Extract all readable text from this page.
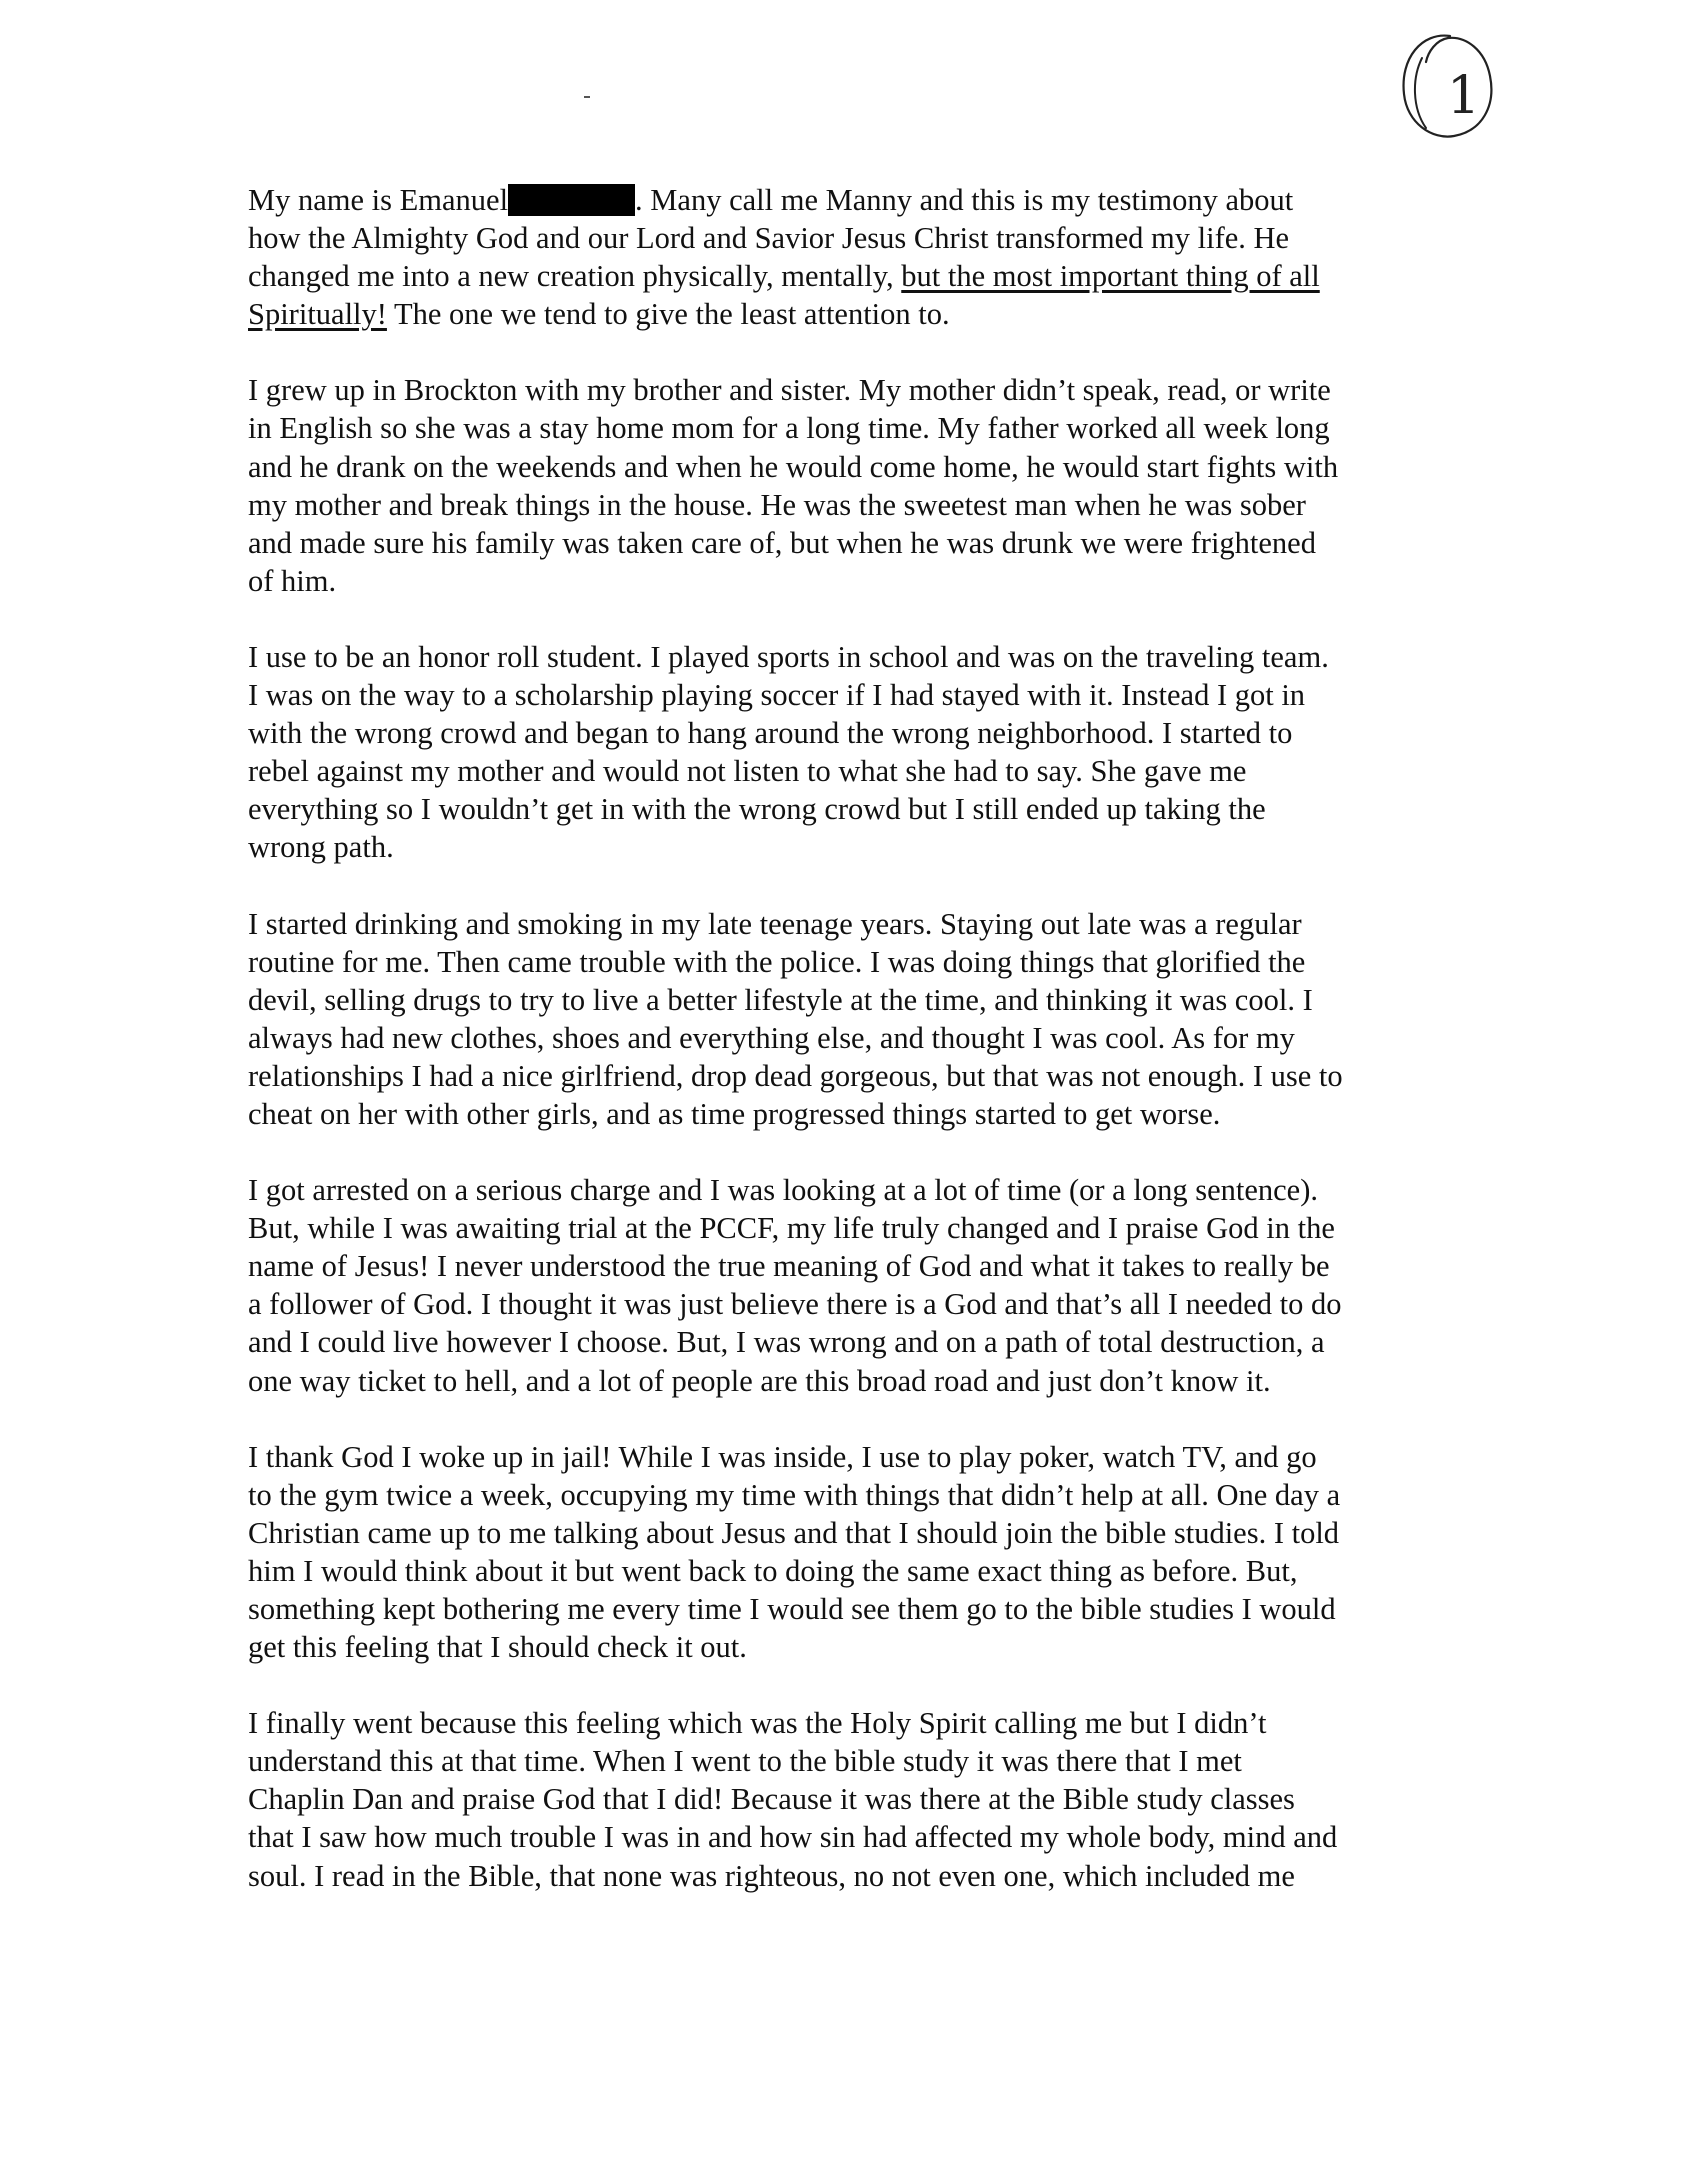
1
My name is Emanuel	. Many call me Manny and this is my testimony about
how the Almighty God and our Lord and Savior Jesus Christ transformed my life. He
changed me into a new creation physically, mentally, but the most important thing of all
Spiritually! The one we tend to give the least attention to.
I grew up in Brockton with my brother and sister. My mother didn’t speak, read, or write
in English so she was a stay home mom for a long time. My father worked all week long
and he drank on the weekends and when he would come home, he would start fights with
my mother and break things in the house. He was the sweetest man when he was sober
and made sure his family was taken care of, but when he was drunk we were frightened
of him.
I use to be an honor roll student. I played sports in school and was on the traveling team.
I was on the way to a scholarship playing soccer if I had stayed with it. Instead I got in
with the wrong crowd and began to hang around the wrong neighborhood. I started to
rebel against my mother and would not listen to what she had to say. She gave me
everything so I wouldn’t get in with the wrong crowd but I still ended up taking the
wrong path.
I started drinking and smoking in my late teenage years. Staying out late was a regular
routine for me. Then came trouble with the police. I was doing things that glorified the
devil, selling drugs to try to live a better lifestyle at the time, and thinking it was cool. I
always had new clothes, shoes and everything else, and thought I was cool. As for my
relationships I had a nice girlfriend, drop dead gorgeous, but that was not enough. I use to
cheat on her with other girls, and as time progressed things started to get worse.
I got arrested on a serious charge and I was looking at a lot of time (or a long sentence).
But, while I was awaiting trial at the PCCF, my life truly changed and I praise God in the
name of Jesus! I never understood the true meaning of God and what it takes to really be
a follower of God. I thought it was just believe there is a God and that’s all I needed to do
and I could live however I choose. But, I was wrong and on a path of total destruction, a
one way ticket to hell, and a lot of people are this broad road and just don’t know it.
I thank God I woke up in jail! While I was inside, I use to play poker, watch TV, and go
to the gym twice a week, occupying my time with things that didn’t help at all. One day a
Christian came up to me talking about Jesus and that I should join the bible studies. I told
him I would think about it but went back to doing the same exact thing as before. But,
something kept bothering me every time I would see them go to the bible studies I would
get this feeling that I should check it out.
I finally went because this feeling which was the Holy Spirit calling me but I didn’t
understand this at that time. When I went to the bible study it was there that I met
Chaplin Dan and praise God that I did! Because it was there at the Bible study classes
that I saw how much trouble I was in and how sin had affected my whole body, mind and
soul. I read in the Bible, that none was righteous, no not even one, which included me
